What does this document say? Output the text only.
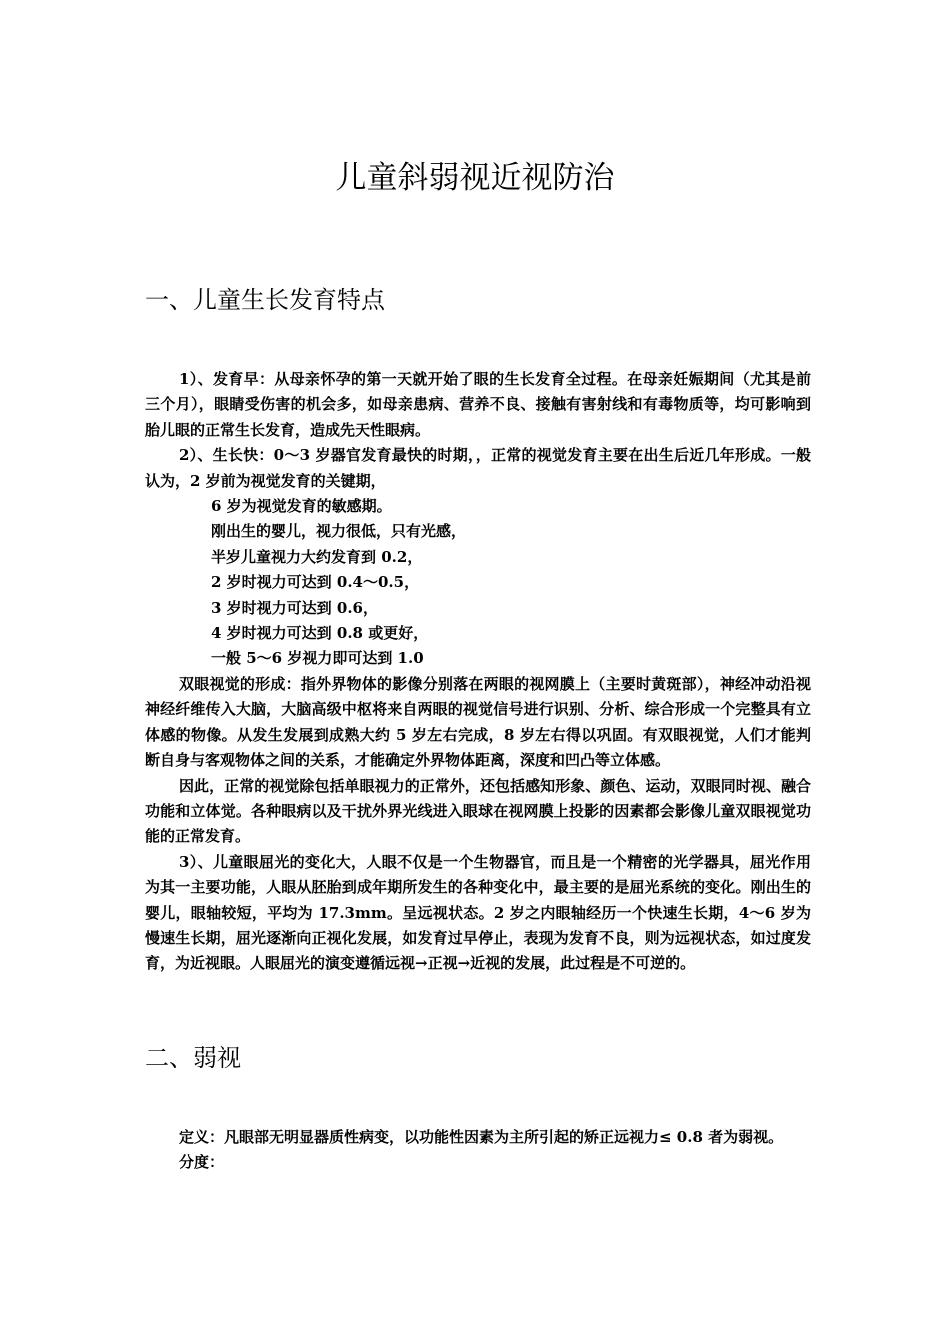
儿童斜弱视近视防治
一、儿童生长发育特点

1）、发育早：从母亲怀孕的第一天就开始了眼的生长发育全过程。在母亲妊娠期间（尤其是前三个月），眼睛受伤害的机会多，如母亲患病、营养不良、接触有害射线和有毒物质等，均可影响到胎儿眼的正常生长发育，造成先天性眼病。

2）、生长快：0～3 岁器官发育最快的时期，，正常的视觉发育主要在出生后近几年形成。一般认为，2 岁前为视觉发育的关键期，

6 岁为视觉发育的敏感期。

刚出生的婴儿，视力很低，只有光感，

半岁儿童视力大约发育到 0.2，

2 岁时视力可达到 0.4～0.5，

3 岁时视力可达到 0.6，

4 岁时视力可达到 0.8 或更好，

一般 5～6 岁视力即可达到 1.0

双眼视觉的形成：指外界物体的影像分别落在两眼的视网膜上（主要时黄斑部），神经冲动沿视神经纤维传入大脑，大脑高级中枢将来自两眼的视觉信号进行识别、分析、综合形成一个完整具有立体感的物像。从发生发展到成熟大约 5 岁左右完成，8 岁左右得以巩固。有双眼视觉，人们才能判断自身与客观物体之间的关系，才能确定外界物体距离，深度和凹凸等立体感。

因此，正常的视觉除包括单眼视力的正常外，还包括感知形象、颜色、运动，双眼同时视、融合功能和立体觉。各种眼病以及干扰外界光线进入眼球在视网膜上投影的因素都会影像儿童双眼视觉功能的正常发育。

3）、儿童眼屈光的变化大，人眼不仅是一个生物器官，而且是一个精密的光学器具，屈光作用为其一主要功能，人眼从胚胎到成年期所发生的各种变化中，最主要的是屈光系统的变化。刚出生的婴儿，眼轴较短，平均为 17.3mm。呈远视状态。2 岁之内眼轴经历一个快速生长期，4～6 岁为慢速生长期，屈光逐渐向正视化发展，如发育过早停止，表现为发育不良，则为远视状态，如过度发育，为近视眼。人眼屈光的演变遵循远视→正视→近视的发展，此过程是不可逆的。

二、弱视

定义：凡眼部无明显器质性病变，以功能性因素为主所引起的矫正远视力≤ 0.8 者为弱视。

分度：
